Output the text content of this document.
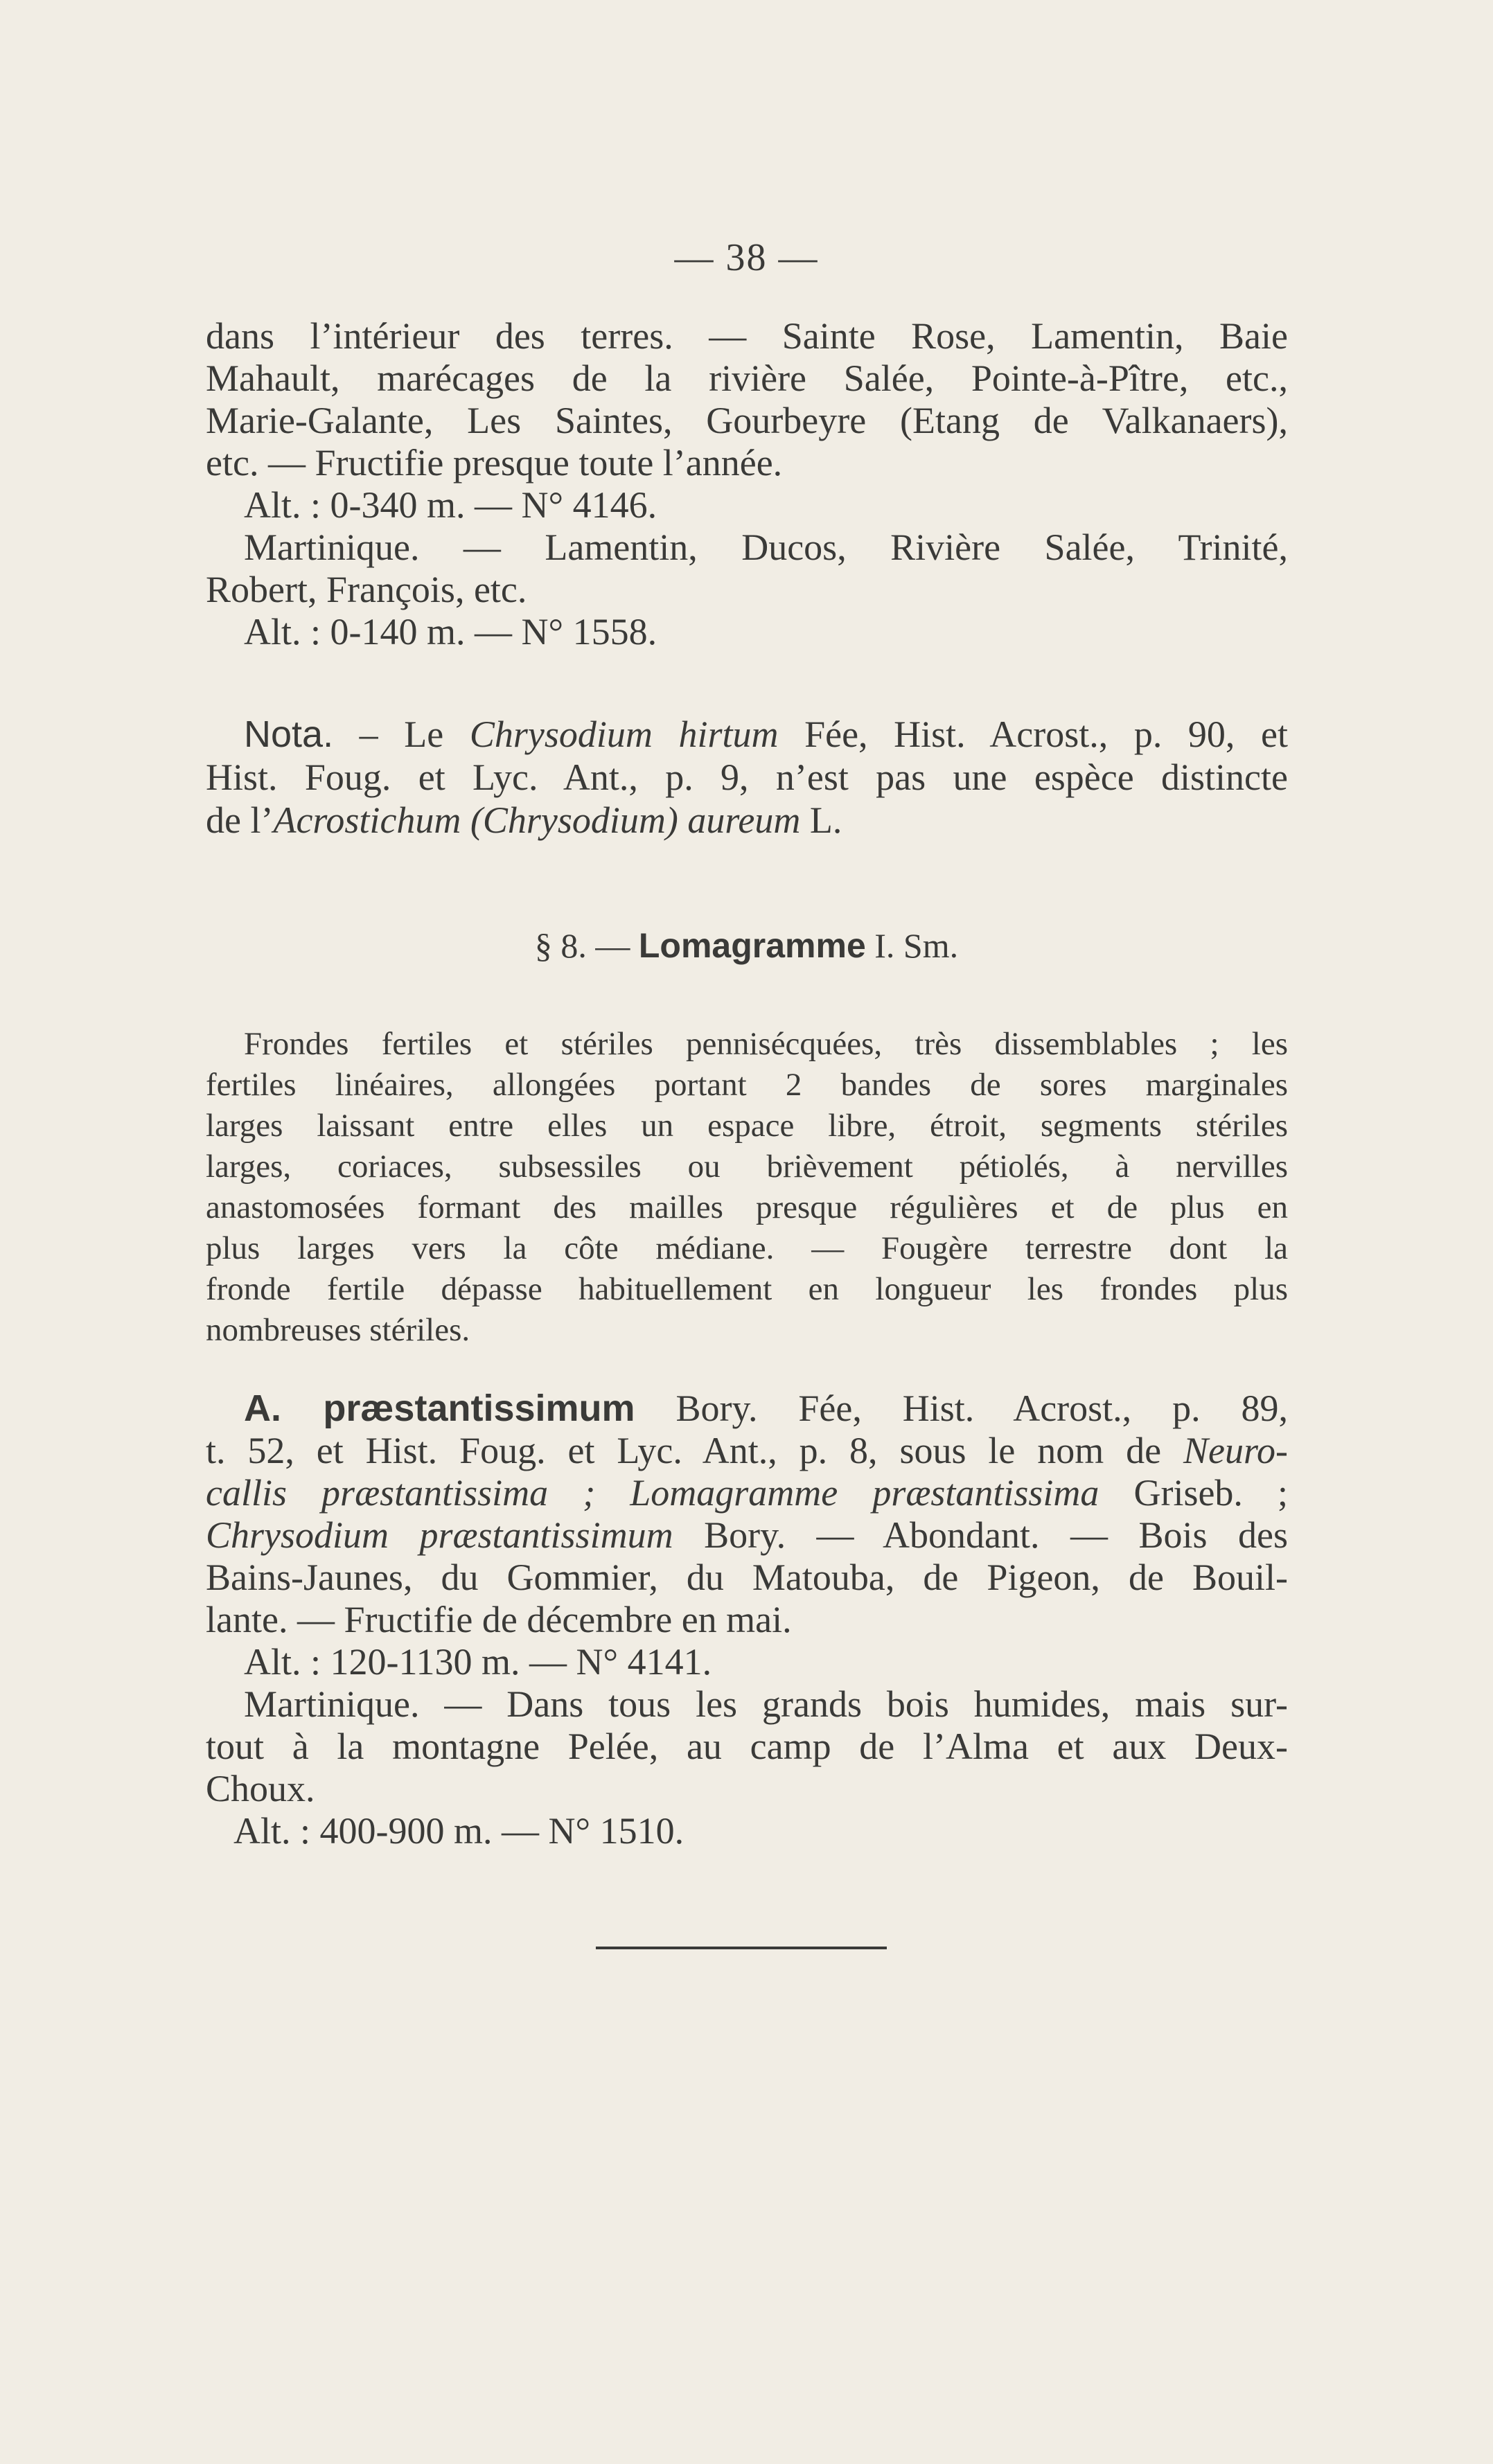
— 38 —
dans l’intérieur des terres. — Sainte Rose, Lamentin, Baie
Mahault, marécages de la rivière Salée, Pointe-à-Pître, etc.,
Marie-Galante, Les Saintes, Gourbeyre (Etang de Valkanaers),
etc. — Fructifie presque toute l’année.
Alt. : 0-340 m. — N° 4146.
Martinique. — Lamentin, Ducos, Rivière Salée, Trinité,
Robert, François, etc.
Alt. : 0-140 m. — N° 1558.
Nota. – Le Chrysodium hirtum Fée, Hist. Acrost., p. 90, et
Hist. Foug. et Lyc. Ant., p. 9, n’est pas une espèce distincte
de l’Acrostichum (Chrysodium) aureum L.
§ 8. — Lomagramme I. Sm.
Frondes fertiles et stériles pennisécquées, très dissemblables ; les
fertiles linéaires, allongées portant 2 bandes de sores marginales
larges laissant entre elles un espace libre, étroit, segments stériles
larges, coriaces, subsessiles ou brièvement pétiolés, à nervilles
anastomosées formant des mailles presque régulières et de plus en
plus larges vers la côte médiane. — Fougère terrestre dont la
fronde fertile dépasse habituellement en longueur les frondes plus
nombreuses stériles.
A. præstantissimum Bory. Fée, Hist. Acrost., p. 89,
t. 52, et Hist. Foug. et Lyc. Ant., p. 8, sous le nom de Neuro-
callis præstantissima ; Lomagramme præstantissima Griseb. ;
Chrysodium præstantissimum Bory. — Abondant. — Bois des
Bains-Jaunes, du Gommier, du Matouba, de Pigeon, de Bouil-
lante. — Fructifie de décembre en mai.
Alt. : 120-1130 m. — N° 4141.
Martinique. — Dans tous les grands bois humides, mais sur-
tout à la montagne Pelée, au camp de l’Alma et aux Deux-
Choux.
Alt. : 400-900 m. — N° 1510.
